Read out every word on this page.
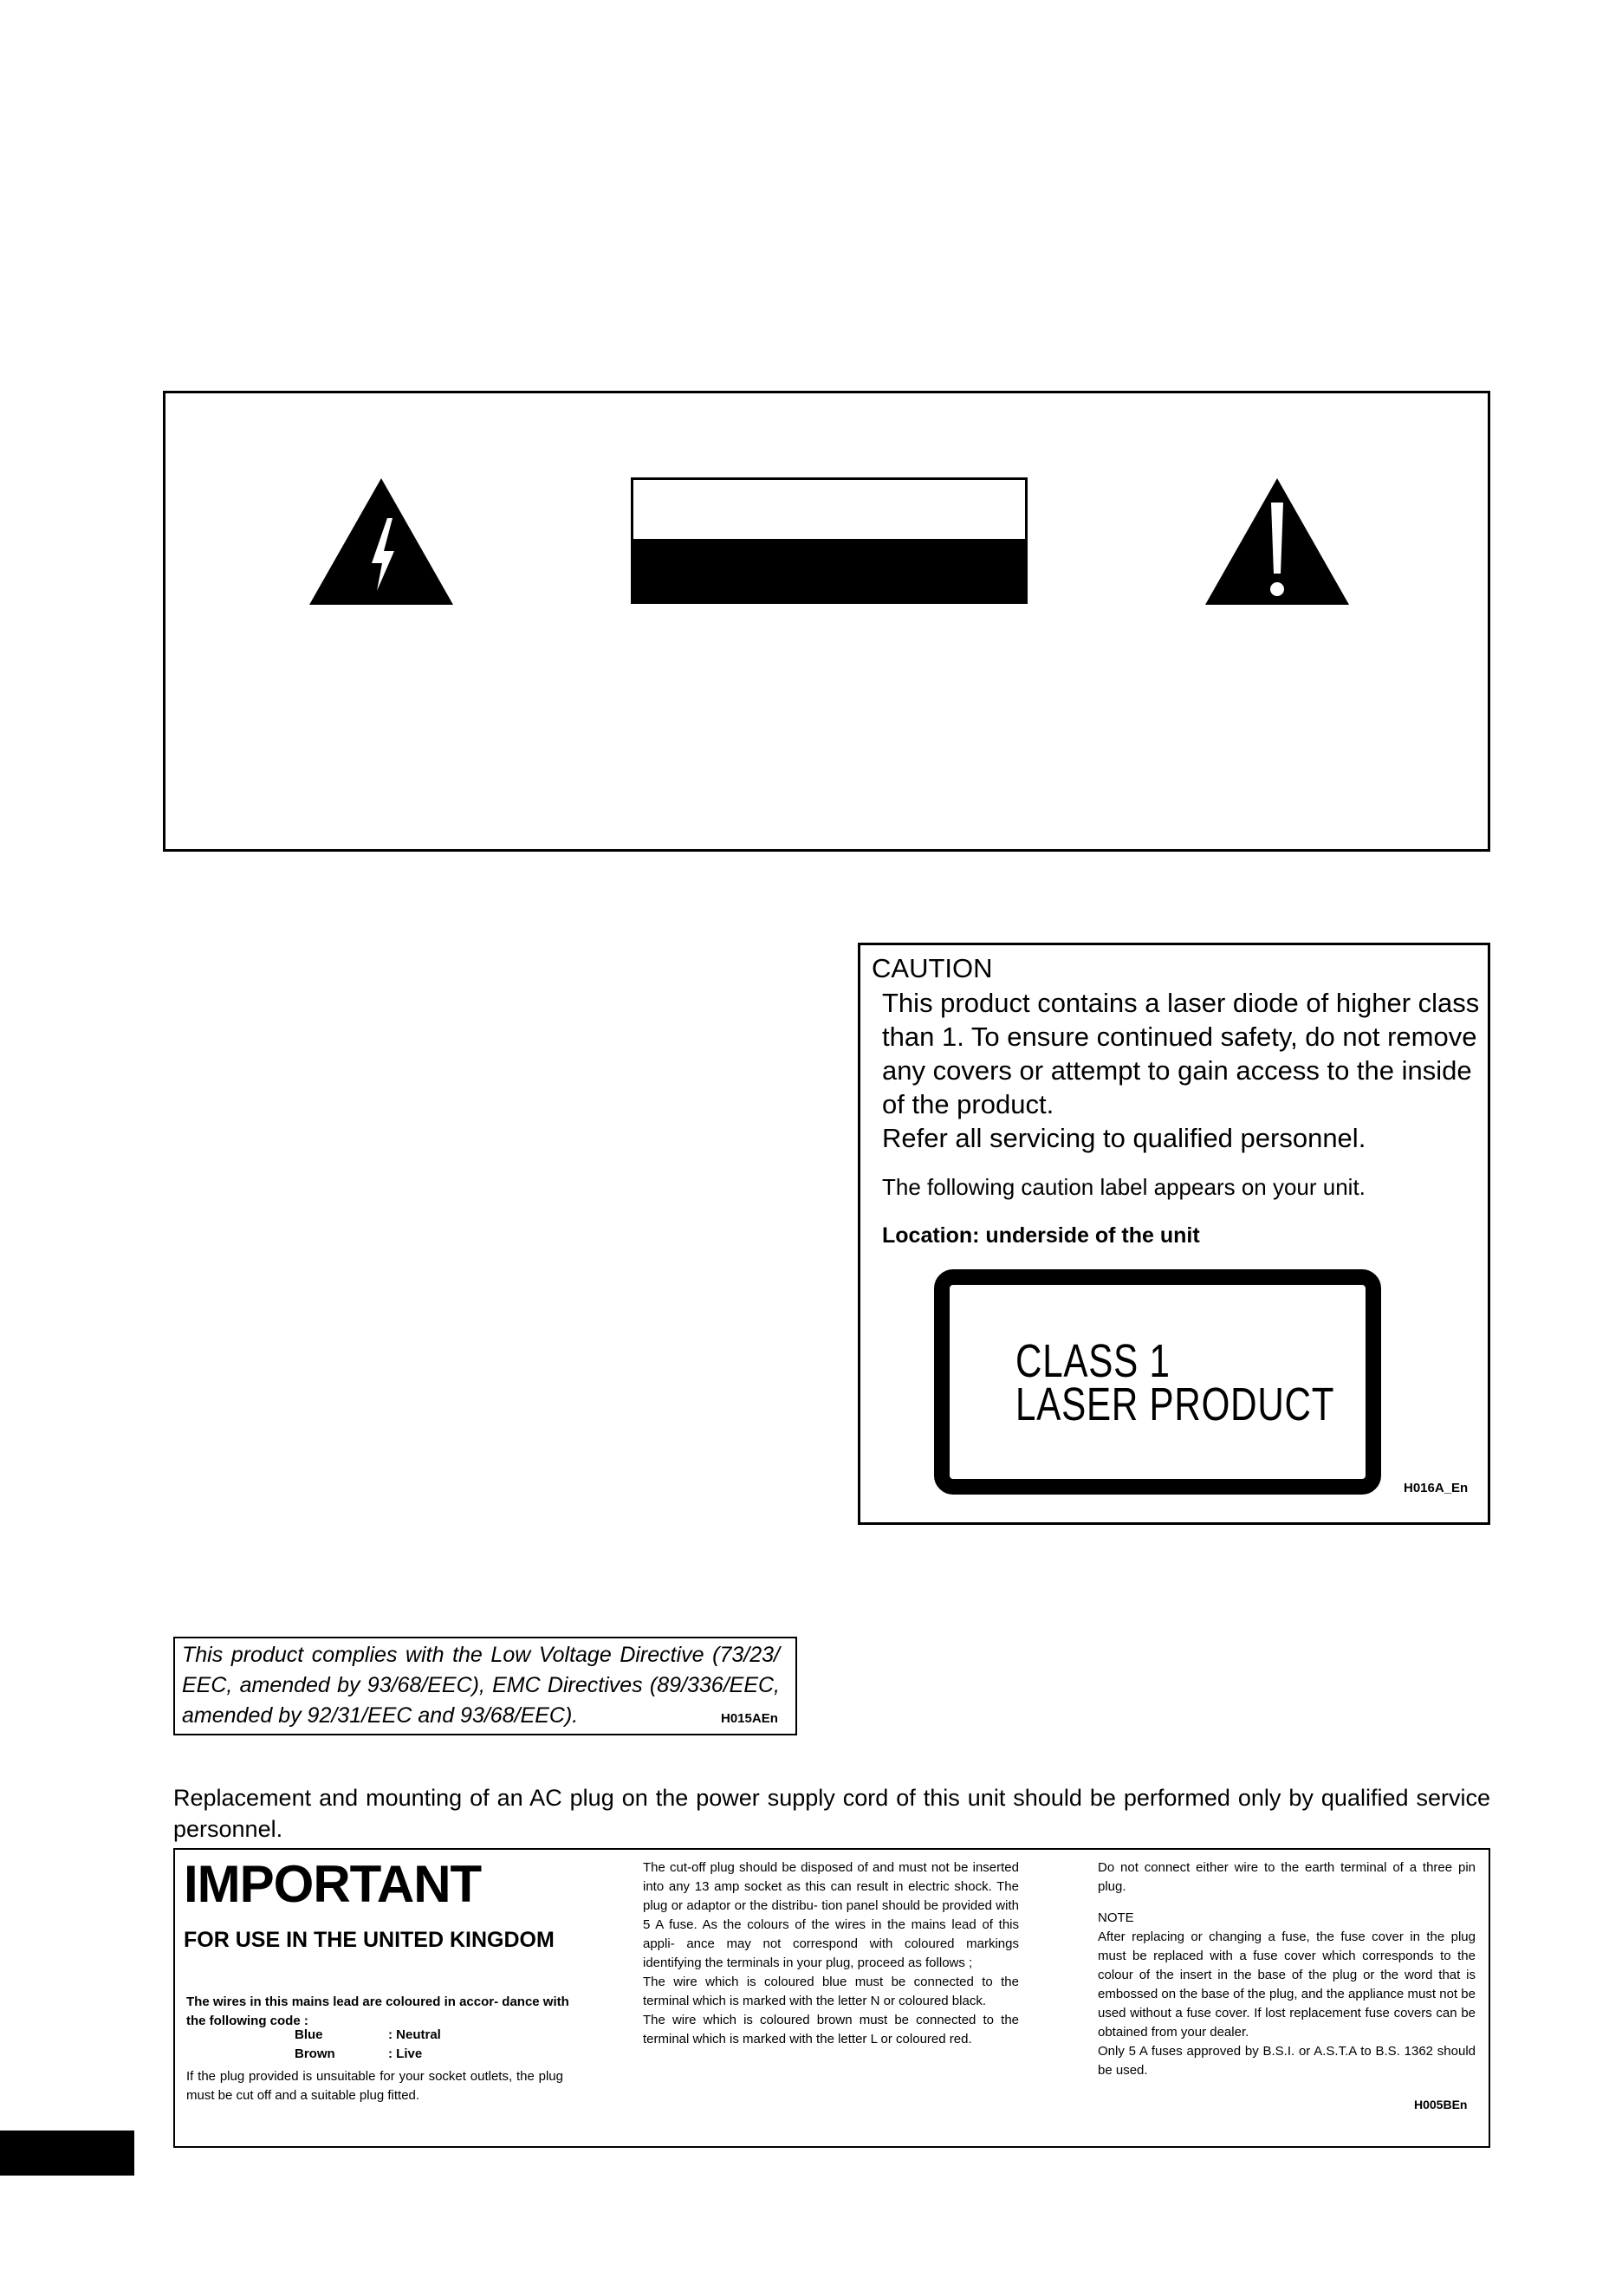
CAUTION

This product contains a laser diode of higher class than 1. To ensure continued safety, do not remove any covers or attempt to gain access to the inside of the product.

Refer all servicing to qualified personnel.

The following caution label appears on your unit.
Location: underside of the unit
CLASS 1
LASER PRODUCT
H016A_En
This product complies with the Low Voltage Directive (73/23/ EEC, amended by 93/68/EEC), EMC Directives (89/336/EEC, amended by 92/31/EEC and 93/68/EEC).	H015AEn
Replacement and mounting of an AC plug on the power supply cord of this unit should be performed only by qualified service personnel.
IMPORTANT
FOR USE IN THE UNITED KINGDOM
The wires in this mains lead are coloured in accor- dance with the following code :
Blue	: Neutral
Brown	: Live
If the plug provided is unsuitable for your socket outlets, the plug must be cut off and a suitable plug fitted.

The cut-off plug should be disposed of and must not be inserted into any 13 amp socket as this can result in electric shock. The plug or adaptor or the distribu- tion panel should be provided with 5 A fuse. As the colours of the wires in the mains lead of this appli- ance may not correspond with coloured markings identifying the terminals in your plug, proceed as follows ;

The wire which is coloured blue must be connected to the terminal which is marked with the letter N or coloured black.

The wire which is coloured brown must be connected to the terminal which is marked with the letter L or coloured red.

Do not connect either wire to the earth terminal of a three pin plug.

NOTE

After replacing or changing a fuse, the fuse cover in the plug must be replaced with a fuse cover which corresponds to the colour of the insert in the base of the plug or the word that is embossed on the base of the plug, and the appliance must not be used without a fuse cover. If lost replacement fuse covers can be obtained from your dealer.

Only 5 A fuses approved by B.S.I. or A.S.T.A to B.S. 1362 should be used.

H005BEn
